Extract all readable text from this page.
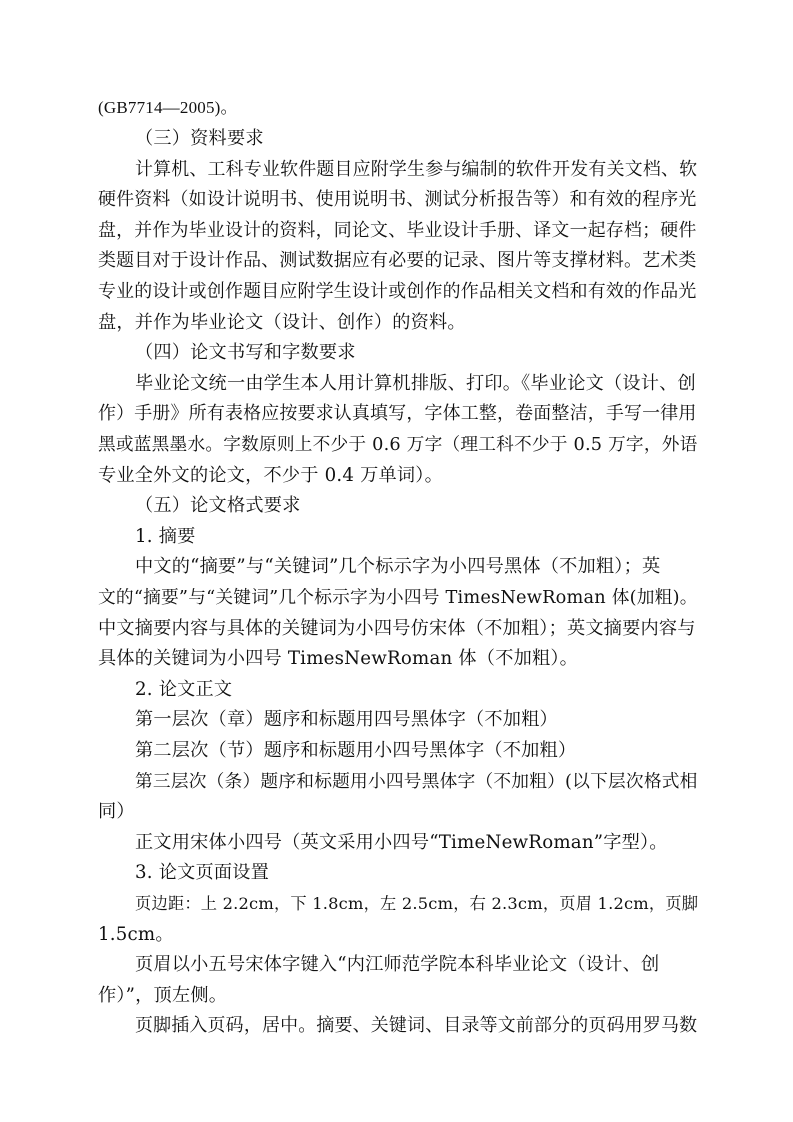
(GB7714—2005)。
（三）资料要求
计算机、工科专业软件题目应附学生参与编制的软件开发有关文档、软
硬件资料（如设计说明书、使用说明书、测试分析报告等）和有效的程序光
盘，并作为毕业设计的资料，同论文、毕业设计手册、译文一起存档；硬件
类题目对于设计作品、测试数据应有必要的记录、图片等支撑材料。艺术类
专业的设计或创作题目应附学生设计或创作的作品相关文档和有效的作品光
盘，并作为毕业论文（设计、创作）的资料。
（四）论文书写和字数要求
毕业论文统一由学生本人用计算机排版、打印。《毕业论文（设计、创
作）手册》所有表格应按要求认真填写，字体工整，卷面整洁，手写一律用
黑或蓝黑墨水。字数原则上不少于 0.6 万字（理工科不少于 0.5 万字，外语
专业全外文的论文，不少于 0.4 万单词）。
（五）论文格式要求
1. 摘要
中文的“摘要”与“关键词”几个标示字为小四号黑体（不加粗）；英
文的“摘要”与“关键词”几个标示字为小四号 TimesNewRoman 体(加粗)。
中文摘要内容与具体的关键词为小四号仿宋体（不加粗）；英文摘要内容与
具体的关键词为小四号 TimesNewRoman 体（不加粗）。
2. 论文正文
第一层次（章）题序和标题用四号黑体字（不加粗）
第二层次（节）题序和标题用小四号黑体字（不加粗）
第三层次（条）题序和标题用小四号黑体字（不加粗）(以下层次格式相
同）
正文用宋体小四号（英文采用小四号“TimeNewRoman”字型）。
3. 论文页面设置
页边距：上 2.2cm，下 1.8cm，左 2.5cm，右 2.3cm，页眉 1.2cm，页脚
1.5cm。
页眉以小五号宋体字键入“内江师范学院本科毕业论文（设计、创
作）”，顶左侧。
页脚插入页码，居中。摘要、关键词、目录等文前部分的页码用罗马数
